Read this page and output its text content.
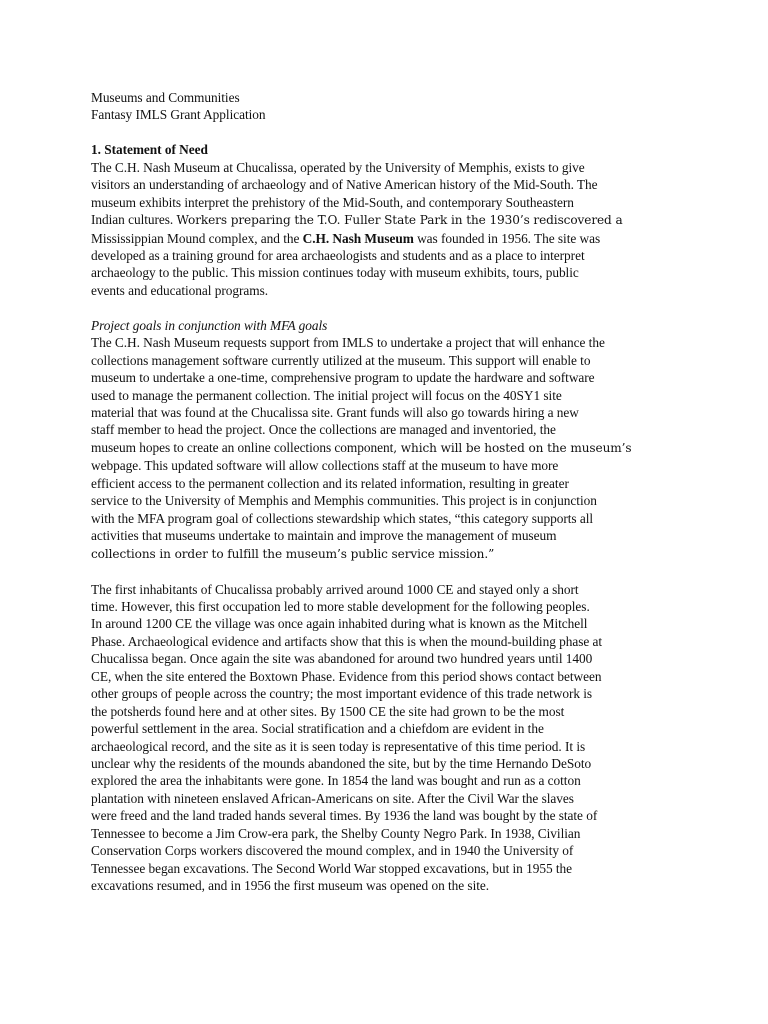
Museums and Communities
Fantasy IMLS Grant Application
1. Statement of Need
The C.H. Nash Museum at Chucalissa, operated by the University of Memphis, exists to give
visitors an understanding of archaeology and of Native American history of the Mid-South. The
museum exhibits interpret the prehistory of the Mid-South, and contemporary Southeastern
Indian cultures. Workers preparing the T.O. Fuller State Park in the 1930’s rediscovered a
Mississippian Mound complex, and the C.H. Nash Museum was founded in 1956. The site was
developed as a training ground for area archaeologists and students and as a place to interpret
archaeology to the public. This mission continues today with museum exhibits, tours, public
events and educational programs.
Project goals in conjunction with MFA goals
The C.H. Nash Museum requests support from IMLS to undertake a project that will enhance the
collections management software currently utilized at the museum. This support will enable to
museum to undertake a one-time, comprehensive program to update the hardware and software
used to manage the permanent collection. The initial project will focus on the 40SY1 site
material that was found at the Chucalissa site. Grant funds will also go towards hiring a new
staff member to head the project. Once the collections are managed and inventoried, the
museum hopes to create an online collections component, which will be hosted on the museum’s
webpage. This updated software will allow collections staff at the museum to have more
efficient access to the permanent collection and its related information, resulting in greater
service to the University of Memphis and Memphis communities. This project is in conjunction
with the MFA program goal of collections stewardship which states, “this category supports all
activities that museums undertake to maintain and improve the management of museum
collections in order to fulfill the museum’s public service mission.”
The first inhabitants of Chucalissa probably arrived around 1000 CE and stayed only a short
time. However, this first occupation led to more stable development for the following peoples.
In around 1200 CE the village was once again inhabited during what is known as the Mitchell
Phase. Archaeological evidence and artifacts show that this is when the mound-building phase at
Chucalissa began. Once again the site was abandoned for around two hundred years until 1400
CE, when the site entered the Boxtown Phase. Evidence from this period shows contact between
other groups of people across the country; the most important evidence of this trade network is
the potsherds found here and at other sites. By 1500 CE the site had grown to be the most
powerful settlement in the area. Social stratification and a chiefdom are evident in the
archaeological record, and the site as it is seen today is representative of this time period. It is
unclear why the residents of the mounds abandoned the site, but by the time Hernando DeSoto
explored the area the inhabitants were gone. In 1854 the land was bought and run as a cotton
plantation with nineteen enslaved African-Americans on site. After the Civil War the slaves
were freed and the land traded hands several times. By 1936 the land was bought by the state of
Tennessee to become a Jim Crow-era park, the Shelby County Negro Park. In 1938, Civilian
Conservation Corps workers discovered the mound complex, and in 1940 the University of
Tennessee began excavations. The Second World War stopped excavations, but in 1955 the
excavations resumed, and in 1956 the first museum was opened on the site.
